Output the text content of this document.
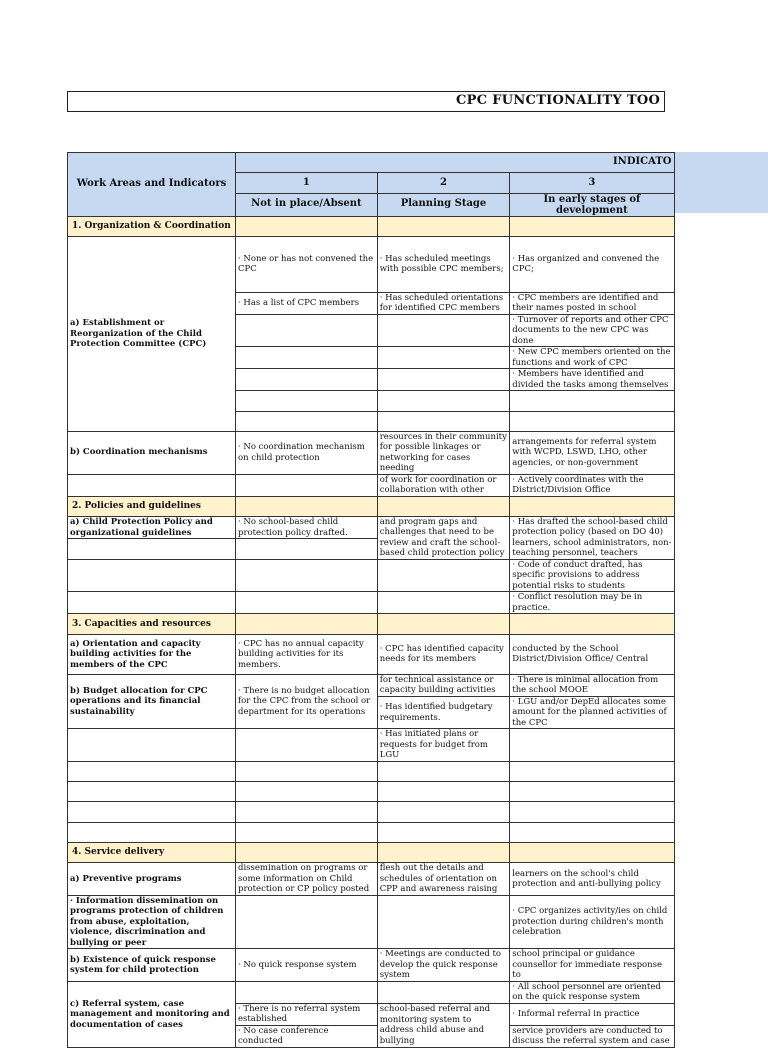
CPC FUNCTIONALITY TOO
Work Areas and Indicators	INDICATO		

	1	2	3
	Not in place/Absent	Planning Stage	In early stages of development
1. Organization & Coordination			
a) Establishment or Reorganization of the Child Protection Committee (CPC)	· None or has not convened the CPC	· Has scheduled meetings with possible CPC members;	· Has organized and convened the CPC;
	· Has a list of CPC members	· Has scheduled orientations for identified CPC members	· CPC members are identified and their names posted in school
			· Turnover of reports and other CPC documents to the new CPC was done
			· New CPC members oriented on the functions and work of CPC
			· Members have identified and divided the tasks among themselves

b) Coordination mechanisms	· No coordination mechanism on child protection	resources in their community for possible linkages or networking for cases needing	arrangements for referral system with WCPD, LSWD, LHO, other agencies, or non-government
		of work for coordination or collaboration with other	· Actively coordinates with the District/Division Office
2. Policies and guidelines			
a) Child Protection Policy and organizational guidelines	· No school-based child protection policy drafted.	and program gaps and challenges that need to be review and craft the school-based child protection policy	· Has drafted the school-based child protection policy (based on DO 40) learners, school administrators, non-teaching personnel, teachers

			· Code of conduct drafted, has specific provisions to address potential risks to students
			· Conflict resolution may be in practice.
3. Capacities and resources			
a) Orientation and capacity building activities for the members of the CPC	· CPC has no annual capacity building activities for its members.	· CPC has identified capacity needs for its members	conducted by the School District/Division Office/ Central
b) Budget allocation for CPC operations and its financial sustainability	· There is no budget allocation for the CPC from the school or department for its operations	for technical assistance or capacity building activities	· There is minimal allocation from the school MOOE
		· Has identified budgetary requirements.	· LGU and/or DepEd allocates some amount for the planned activities of the CPC
		· Has initiated plans or requests for budget from LGU	

4. Service delivery			
a) Preventive programs	dissemination on programs or some information on Child protection or CP policy posted	flesh out the details and schedules of orientation on CPP and awareness raising	learners on the school's child protection and anti-bullying policy
· Information dissemination on programs protection of children from abuse, exploitation, violence, discrimination and bullying or peer			· CPC organizes activity/ies on child protection during children's month celebration
b) Existence of quick response system for child protection	· No quick response system	· Meetings are conducted to develop the quick response system	school principal or guidance counsellor for immediate response to
c) Referral system, case management and monitoring and documentation of cases			· All school personnel are oriented on the quick response system
	· There is no referral system established	school-based referral and monitoring system to address child abuse and bullying	· Informal referral in practice
	· No case conference conducted		service providers are conducted to discuss the referral system and case
